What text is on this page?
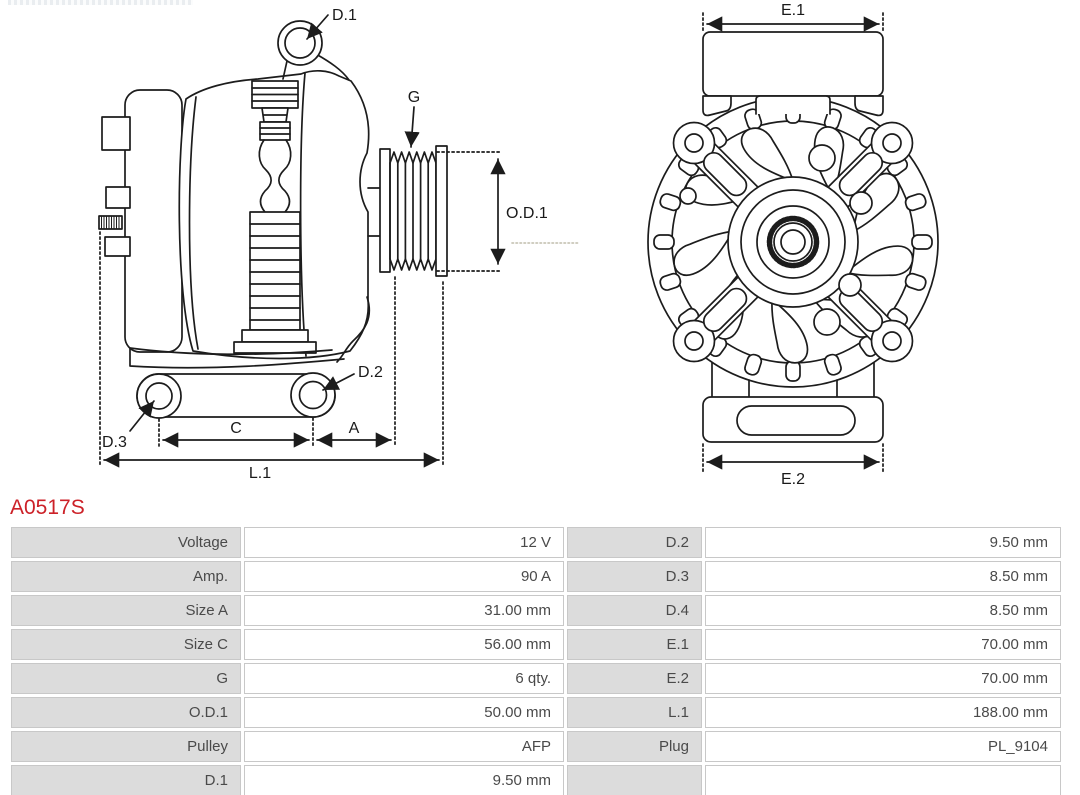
D.1
G
O.D.1
D.2
D.3
C	A
L.1
E.1
E.2
A0517S
Voltage	12 V	D.2	9.50 mm
Amp.	90 A	D.3	8.50 mm
Size A	31.00 mm	D.4	8.50 mm
Size C	56.00 mm	E.1	70.00 mm
G	6 qty.	E.2	70.00 mm
O.D.1	50.00 mm	L.1	188.00 mm
Pulley	AFP	Plug	PL_9104
D.1	9.50 mm		
